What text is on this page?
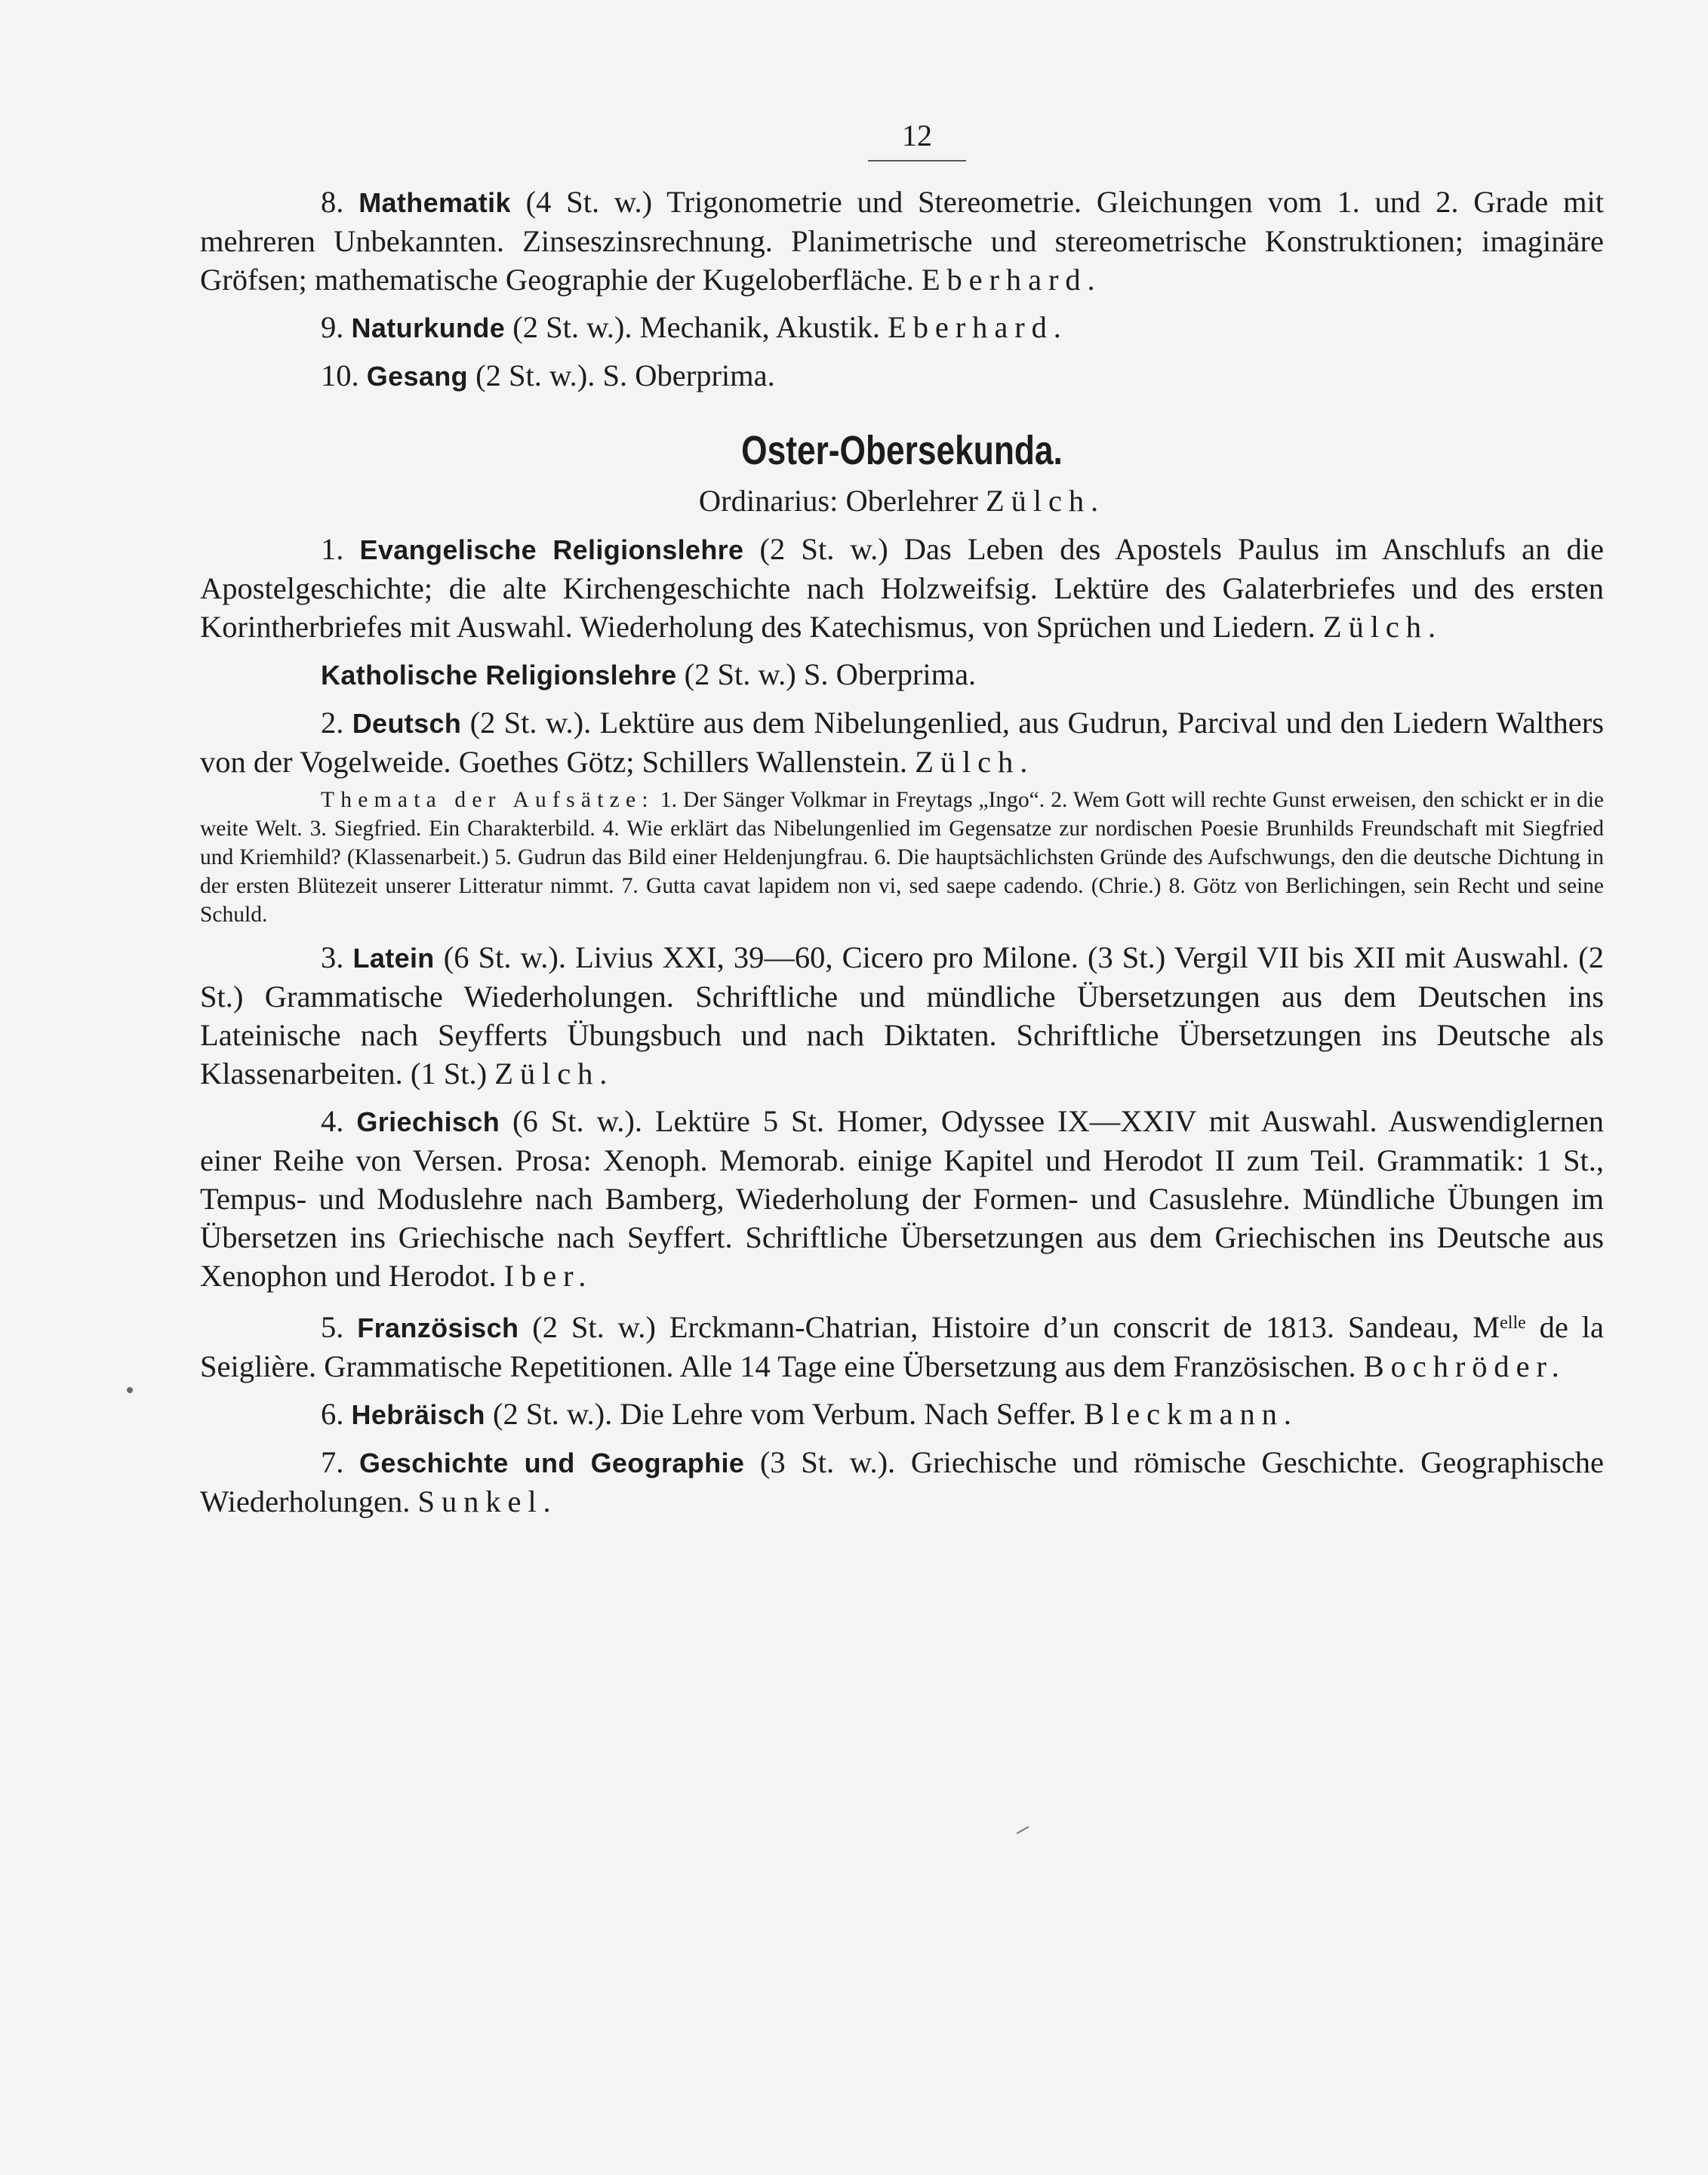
12

8. Mathematik (4 St. w.) Trigonometrie und Stereometrie. Gleichungen vom 1. und 2. Grade mit mehreren Unbekannten. Zinseszinsrechnung. Planimetrische und stereometrische Konstruktionen; imaginäre Gröfsen; mathematische Geographie der Kugeloberfläche. Eberhard.

9. Naturkunde (2 St. w.). Mechanik, Akustik. Eberhard.

10. Gesang (2 St. w.). S. Oberprima.

Oster-Obersekunda.
Ordinarius: Oberlehrer Zülch.

1. Evangelische Religionslehre (2 St. w.) Das Leben des Apostels Paulus im Anschlufs an die Apostelgeschichte; die alte Kirchengeschichte nach Holzweifsig. Lektüre des Galaterbriefes und des ersten Korintherbriefes mit Auswahl. Wiederholung des Katechismus, von Sprüchen und Liedern. Zülch.

Katholische Religionslehre (2 St. w.) S. Oberprima.

2. Deutsch (2 St. w.). Lektüre aus dem Nibelungenlied, aus Gudrun, Parcival und den Liedern Walthers von der Vogelweide. Goethes Götz; Schillers Wallenstein. Zülch.

Themata der Aufsätze: 1. Der Sänger Volkmar in Freytags „Ingo“. 2. Wem Gott will rechte Gunst erweisen, den schickt er in die weite Welt. 3. Siegfried. Ein Charakterbild. 4. Wie erklärt das Nibelungenlied im Gegensatze zur nordischen Poesie Brunhilds Freundschaft mit Siegfried und Kriemhild? (Klassenarbeit.) 5. Gudrun das Bild einer Heldenjungfrau. 6. Die hauptsächlichsten Gründe des Aufschwungs, den die deutsche Dichtung in der ersten Blütezeit unserer Litteratur nimmt. 7. Gutta cavat lapidem non vi, sed saepe cadendo. (Chrie.) 8. Götz von Berlichingen, sein Recht und seine Schuld.

3. Latein (6 St. w.). Livius XXI, 39—60, Cicero pro Milone. (3 St.) Vergil VII bis XII mit Auswahl. (2 St.) Grammatische Wiederholungen. Schriftliche und mündliche Übersetzungen aus dem Deutschen ins Lateinische nach Seyfferts Übungsbuch und nach Diktaten. Schriftliche Übersetzungen ins Deutsche als Klassenarbeiten. (1 St.) Zülch.

4. Griechisch (6 St. w.). Lektüre 5 St. Homer, Odyssee IX—XXIV mit Auswahl. Auswendiglernen einer Reihe von Versen. Prosa: Xenoph. Memorab. einige Kapitel und Herodot II zum Teil. Grammatik: 1 St., Tempus- und Moduslehre nach Bamberg, Wiederholung der Formen- und Casuslehre. Mündliche Übungen im Übersetzen ins Griechische nach Seyffert. Schriftliche Übersetzungen aus dem Griechischen ins Deutsche aus Xenophon und Herodot. Iber.

5. Französisch (2 St. w.) Erckmann-Chatrian, Histoire d’un conscrit de 1813. Sandeau, $M^{elle}$ de la Seiglière. Grammatische Repetitionen. Alle 14 Tage eine Übersetzung aus dem Französischen. Bochröder.

6. Hebräisch (2 St. w.). Die Lehre vom Verbum. Nach Seffer. Bleckmann.

7. Geschichte und Geographie (3 St. w.). Griechische und römische Geschichte. Geographische Wiederholungen. Sunkel.
